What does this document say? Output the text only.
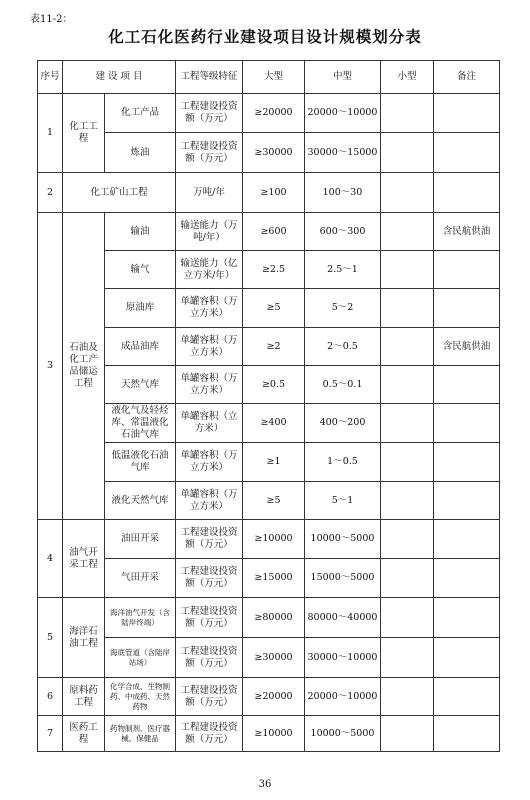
表11-2：
化工石化医药行业建设项目设计规模划分表
序号	建 设 项 目		工程等级特征	大型	中型	小型	备注
1	化工工程	化工产品	工程建设投资额（万元）	≥20000	20000～10000		
		炼油	工程建设投资额（万元）	≥30000	30000～15000		
2	化工矿山工程		万吨/年	≥100	100～30		
3	石油及化工产品储运工程	输油	输送能力（万吨/年）	≥600	600～300		含民航供油
		输气	输送能力（亿立方米/年）	≥2.5	2.5～1		
		原油库	单罐容积（万立方米）	≥5	5～2		
		成品油库	单罐容积（万立方米）	≥2	2～0.5		含民航供油
		天然气库	单罐容积（万立方米）	≥0.5	0.5～0.1		
		液化气及轻烃库、常温液化石油气库	单罐容积（立方米）	≥400	400～200		
		低温液化石油气库	单罐容积（万立方米）	≥1	1～0.5		
		液化天然气库	单罐容积（万立方米）	≥5	5～1		
4	油气开采工程	油田开采	工程建设投资额（万元）	≥10000	10000～5000		
		气田开采	工程建设投资额（万元）	≥15000	15000～5000		
5	海洋石油工程	海洋油气开发（含陆岸终端）	工程建设投资额（万元）	≥80000	80000～40000		
		海底管道（含陆岸站场）	工程建设投资额（万元）	≥30000	30000～10000		
6	原料药工程	化学合成、生物制药、中成药、天然药物	工程建设投资额（万元）	≥20000	20000～10000		
7	医药工程	药物制剂、医疗器械、保健品	工程建设投资额（万元）	≥10000	10000～5000		
36
